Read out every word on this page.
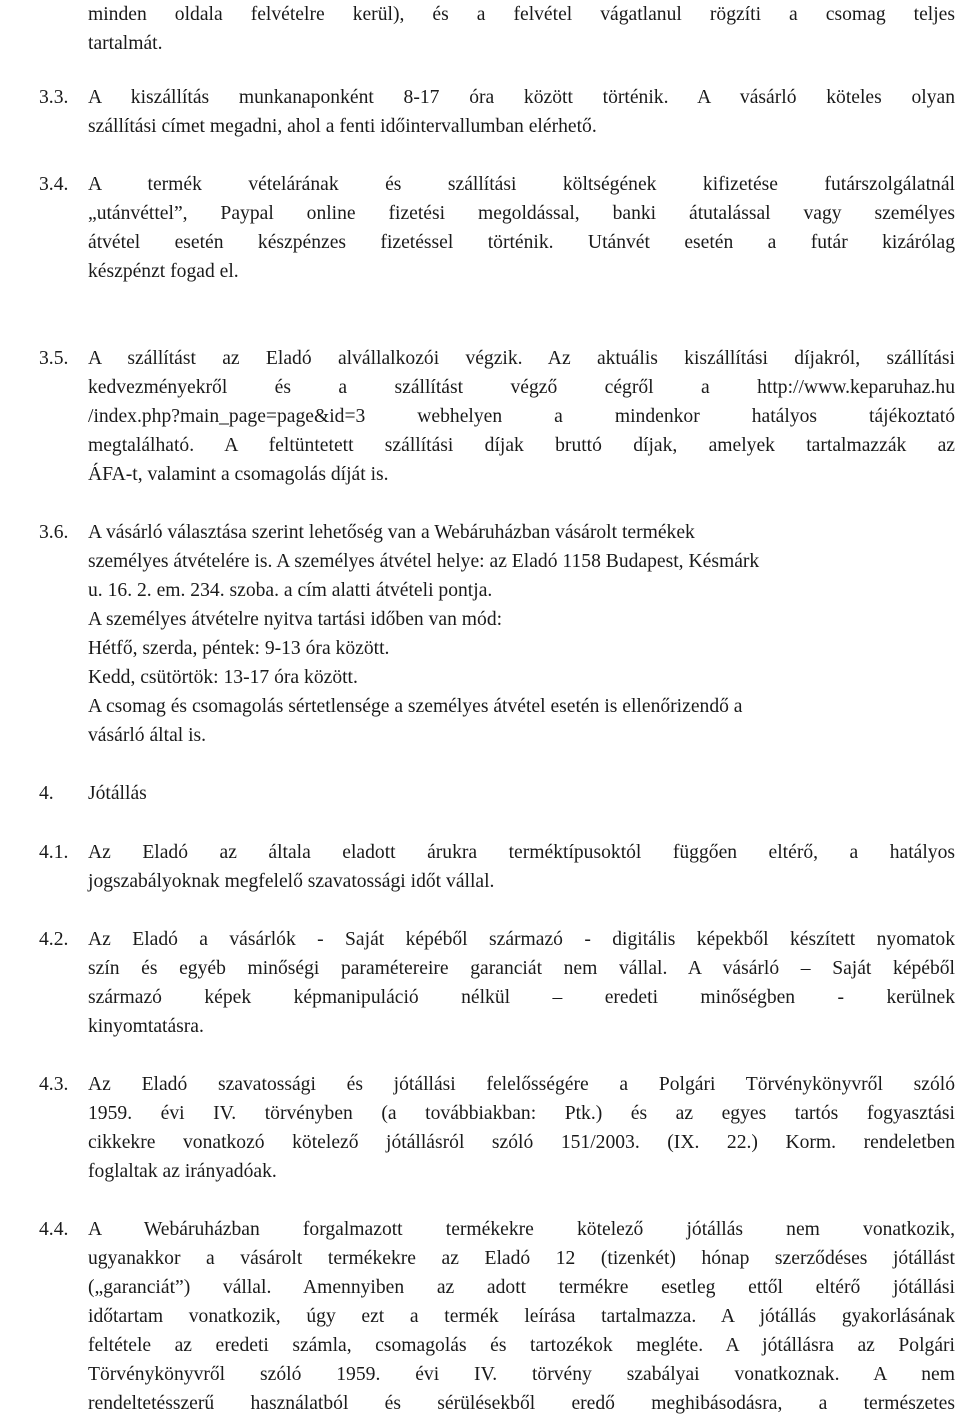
minden oldala felvételre kerül), és a felvétel vágatlanul rögzíti a csomag teljes
tartalmát.
3.3. A kiszállítás munkanaponként 8-17 óra között történik. A vásárló köteles olyan
szállítási címet megadni, ahol a fenti időintervallumban elérhető.
3.4. A termék vételárának és szállítási költségének kifizetése futárszolgálatnál
„utánvéttel”, Paypal online fizetési megoldással, banki átutalással vagy személyes
átvétel esetén készpénzes fizetéssel történik. Utánvét esetén a futár kizárólag
készpénzt fogad el.
3.5. A szállítást az Eladó alvállalkozói végzik. Az aktuális kiszállítási díjakról, szállítási
kedvezményekről és a szállítást végző cégről a http://www.keparuhaz.hu
/index.php?main_page=page&id=3 webhelyen a mindenkor hatályos tájékoztató
megtalálható. A feltüntetett szállítási díjak bruttó díjak, amelyek tartalmazzák az
ÁFA-t, valamint a csomagolás díját is.
3.6. A vásárló választása szerint lehetőség van a Webáruházban vásárolt termékek
személyes átvételére is. A személyes átvétel helye: az Eladó 1158 Budapest, Késmárk
u. 16. 2. em. 234. szoba. a cím alatti átvételi pontja.
A személyes átvételre nyitva tartási időben van mód:
Hétfő, szerda, péntek: 9-13 óra között.
Kedd, csütörtök: 13-17 óra között.
A csomag és csomagolás sértetlensége a személyes átvétel esetén is ellenőrizendő a
vásárló által is.
4. Jótállás
4.1. Az Eladó az általa eladott árukra terméktípusoktól függően eltérő, a hatályos
jogszabályoknak megfelelő szavatossági időt vállal.
4.2. Az Eladó a vásárlók - Saját képéből származó - digitális képekből készített nyomatok
szín és egyéb minőségi paramétereire garanciát nem vállal. A vásárló – Saját képéből
származó képek képmanipuláció nélkül – eredeti minőségben - kerülnek
kinyomtatásra.
4.3. Az Eladó szavatossági és jótállási felelősségére a Polgári Törvénykönyvről szóló
1959. évi IV. törvényben (a továbbiakban: Ptk.) és az egyes tartós fogyasztási
cikkekre vonatkozó kötelező jótállásról szóló 151/2003. (IX. 22.) Korm. rendeletben
foglaltak az irányadóak.
4.4. A Webáruházban forgalmazott termékekre kötelező jótállás nem vonatkozik,
ugyanakkor a vásárolt termékekre az Eladó 12 (tizenkét) hónap szerződéses jótállást
(„garanciát”) vállal. Amennyiben az adott termékre esetleg ettől eltérő jótállási
időtartam vonatkozik, úgy ezt a termék leírása tartalmazza. A jótállás gyakorlásának
feltétele az eredeti számla, csomagolás és tartozékok megléte. A jótállásra az Polgári
Törvénykönyvről szóló 1959. évi IV. törvény szabályai vonatkoznak. A nem
rendeltetésszerű használatból és sérülésekből eredő meghibásodásra, a természetes
